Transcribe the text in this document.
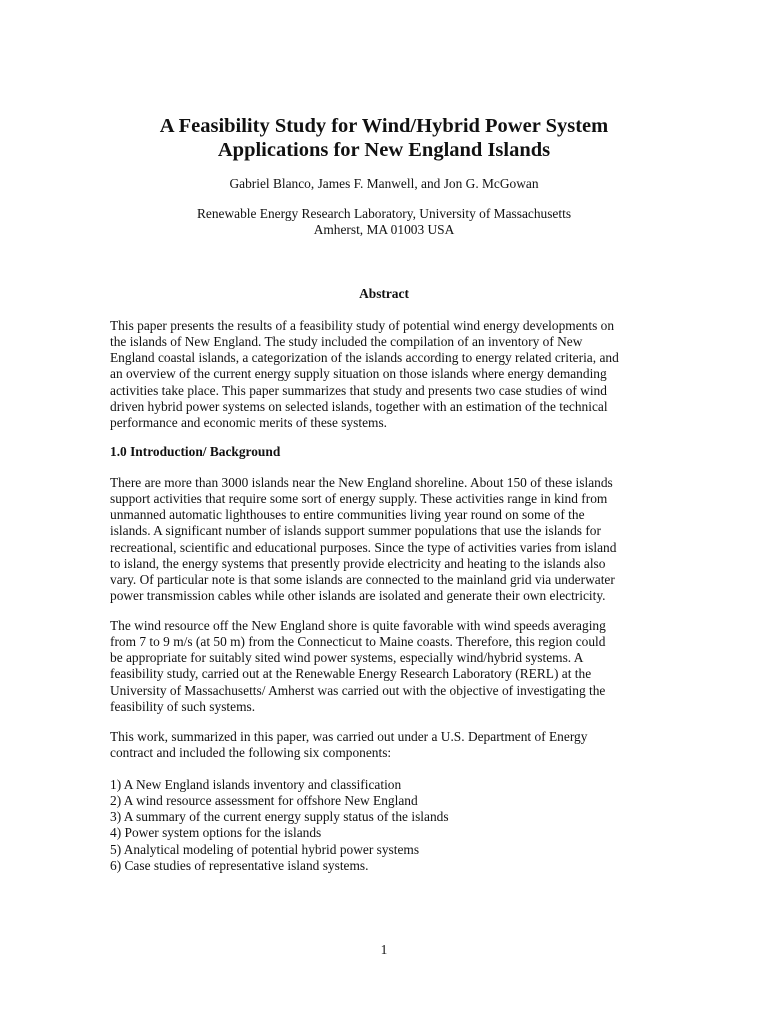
A Feasibility Study for Wind/Hybrid Power System
Applications for New England Islands
Gabriel Blanco, James F. Manwell, and Jon G. McGowan
Renewable Energy Research Laboratory, University of Massachusetts
Amherst, MA 01003 USA
Abstract
This paper presents the results of a feasibility study of potential wind energy developments on
the islands of New England. The study included the compilation of an inventory of New
England coastal islands, a categorization of the islands according to energy related criteria, and
an overview of the current energy supply situation on those islands where energy demanding
activities take place. This paper summarizes that study and presents two case studies of wind
driven hybrid power systems on selected islands, together with an estimation of the technical
performance and economic merits of these systems.
1.0 Introduction/ Background
There are more than 3000 islands near the New England shoreline. About 150 of these islands
support activities that require some sort of energy supply. These activities range in kind from
unmanned automatic lighthouses to entire communities living year round on some of the
islands. A significant number of islands support summer populations that use the islands for
recreational, scientific and educational purposes. Since the type of activities varies from island
to island, the energy systems that presently provide electricity and heating to the islands also
vary. Of particular note is that some islands are connected to the mainland grid via underwater
power transmission cables while other islands are isolated and generate their own electricity.
The wind resource off the New England shore is quite favorable with wind speeds averaging
from 7 to 9 m/s (at 50 m) from the Connecticut to Maine coasts. Therefore, this region could
be appropriate for suitably sited wind power systems, especially wind/hybrid systems. A
feasibility study, carried out at the Renewable Energy Research Laboratory (RERL) at the
University of Massachusetts/ Amherst was carried out with the objective of investigating the
feasibility of such systems.
This work, summarized in this paper, was carried out under a U.S. Department of Energy
contract and included the following six components:
1) A New England islands inventory and classification
2) A wind resource assessment for offshore New England
3) A summary of the current energy supply status of the islands
4) Power system options for the islands
5) Analytical modeling of potential hybrid power systems
6) Case studies of representative island systems.
1
